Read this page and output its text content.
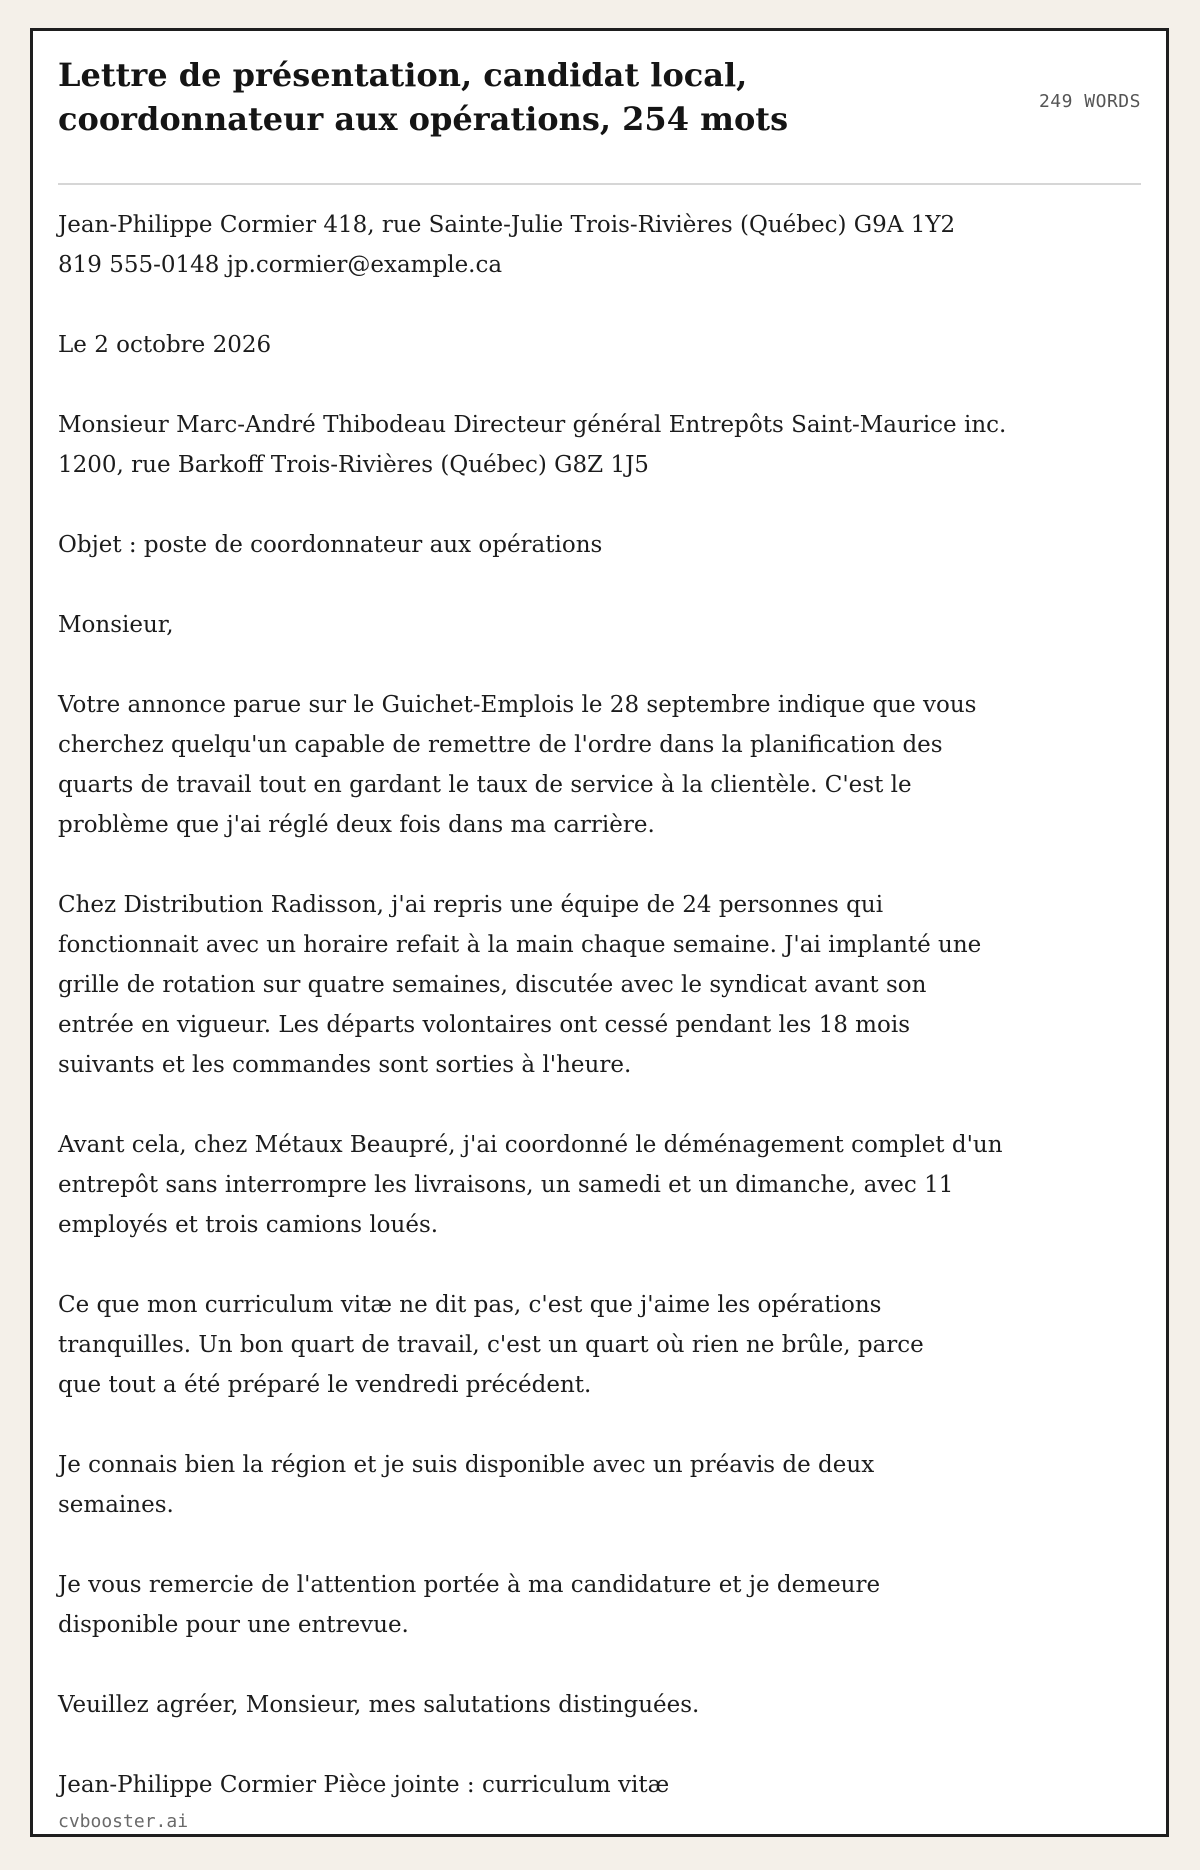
Lettre de présentation, candidat local, coordonnateur aux opérations, 254 mots	249 WORDS

Jean-Philippe Cormier 418, rue Sainte-Julie Trois-Rivières (Québec) G9A 1Y2 819 555-0148 jp.cormier@example.ca

Le 2 octobre 2026

Monsieur Marc-André Thibodeau Directeur général Entrepôts Saint-Maurice inc. 1200, rue Barkoff Trois-Rivières (Québec) G8Z 1J5

Objet : poste de coordonnateur aux opérations

Monsieur,

Votre annonce parue sur le Guichet-Emplois le 28 septembre indique que vous cherchez quelqu'un capable de remettre de l'ordre dans la planification des quarts de travail tout en gardant le taux de service à la clientèle. C'est le problème que j'ai réglé deux fois dans ma carrière.

Chez Distribution Radisson, j'ai repris une équipe de 24 personnes qui fonctionnait avec un horaire refait à la main chaque semaine. J'ai implanté une grille de rotation sur quatre semaines, discutée avec le syndicat avant son entrée en vigueur. Les départs volontaires ont cessé pendant les 18 mois suivants et les commandes sont sorties à l'heure.

Avant cela, chez Métaux Beaupré, j'ai coordonné le déménagement complet d'un entrepôt sans interrompre les livraisons, un samedi et un dimanche, avec 11 employés et trois camions loués.

Ce que mon curriculum vitæ ne dit pas, c'est que j'aime les opérations tranquilles. Un bon quart de travail, c'est un quart où rien ne brûle, parce que tout a été préparé le vendredi précédent.

Je connais bien la région et je suis disponible avec un préavis de deux semaines.

Je vous remercie de l'attention portée à ma candidature et je demeure disponible pour une entrevue.

Veuillez agréer, Monsieur, mes salutations distinguées.

Jean-Philippe Cormier Pièce jointe : curriculum vitæ

cvbooster.ai
